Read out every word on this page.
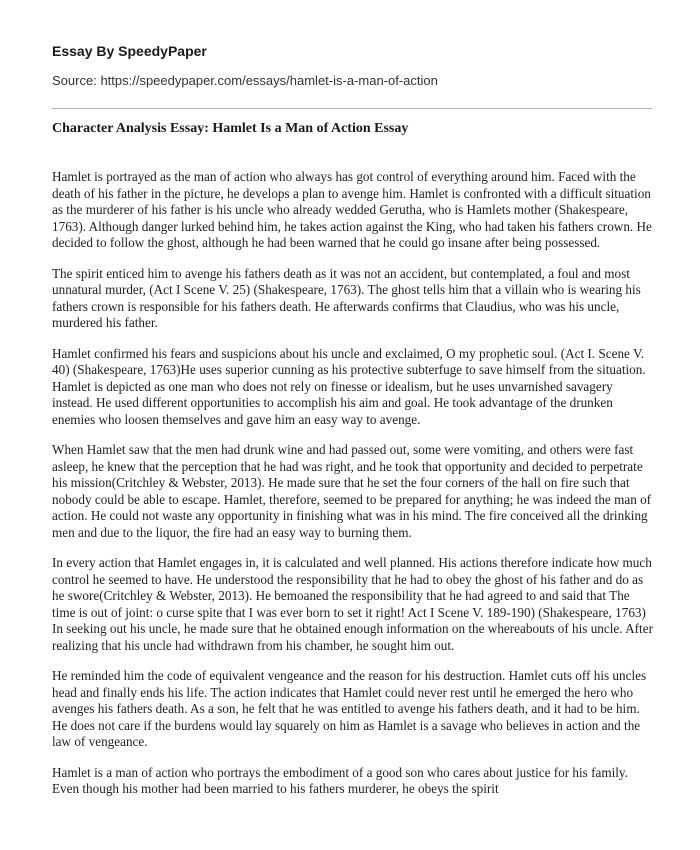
Essay By SpeedyPaper

Source: https://speedypaper.com/essays/hamlet-is-a-man-of-action

Character Analysis Essay: Hamlet Is a Man of Action Essay

Hamlet is portrayed as the man of action who always has got control of everything around him. Faced with the death of his father in the picture, he develops a plan to avenge him. Hamlet is confronted with a difficult situation as the murderer of his father is his uncle who already wedded Gerutha, who is Hamlets mother (Shakespeare, 1763). Although danger lurked behind him, he takes action against the King, who had taken his fathers crown. He decided to follow the ghost, although he had been warned that he could go insane after being possessed.

The spirit enticed him to avenge his fathers death as it was not an accident, but contemplated, a foul and most unnatural murder, (Act I Scene V. 25) (Shakespeare, 1763). The ghost tells him that a villain who is wearing his fathers crown is responsible for his fathers death. He afterwards confirms that Claudius, who was his uncle, murdered his father.

Hamlet confirmed his fears and suspicions about his uncle and exclaimed, O my prophetic soul. (Act I. Scene V. 40) (Shakespeare, 1763)He uses superior cunning as his protective subterfuge to save himself from the situation. Hamlet is depicted as one man who does not rely on finesse or idealism, but he uses unvarnished savagery instead. He used different opportunities to accomplish his aim and goal. He took advantage of the drunken enemies who loosen themselves and gave him an easy way to avenge.

When Hamlet saw that the men had drunk wine and had passed out, some were vomiting, and others were fast asleep, he knew that the perception that he had was right, and he took that opportunity and decided to perpetrate his mission(Critchley & Webster, 2013). He made sure that he set the four corners of the hall on fire such that nobody could be able to escape. Hamlet, therefore, seemed to be prepared for anything; he was indeed the man of action. He could not waste any opportunity in finishing what was in his mind. The fire conceived all the drinking men and due to the liquor, the fire had an easy way to burning them.

In every action that Hamlet engages in, it is calculated and well planned. His actions therefore indicate how much control he seemed to have. He understood the responsibility that he had to obey the ghost of his father and do as he swore(Critchley & Webster, 2013). He bemoaned the responsibility that he had agreed to and said that The time is out of joint: o curse spite that I was ever born to set it right! Act I Scene V. 189-190) (Shakespeare, 1763) In seeking out his uncle, he made sure that he obtained enough information on the whereabouts of his uncle. After realizing that his uncle had withdrawn from his chamber, he sought him out.

He reminded him the code of equivalent vengeance and the reason for his destruction. Hamlet cuts off his uncles head and finally ends his life. The action indicates that Hamlet could never rest until he emerged the hero who avenges his fathers death. As a son, he felt that he was entitled to avenge his fathers death, and it had to be him. He does not care if the burdens would lay squarely on him as Hamlet is a savage who believes in action and the law of vengeance.

Hamlet is a man of action who portrays the embodiment of a good son who cares about justice for his family. Even though his mother had been married to his fathers murderer, he obeys the spirit
